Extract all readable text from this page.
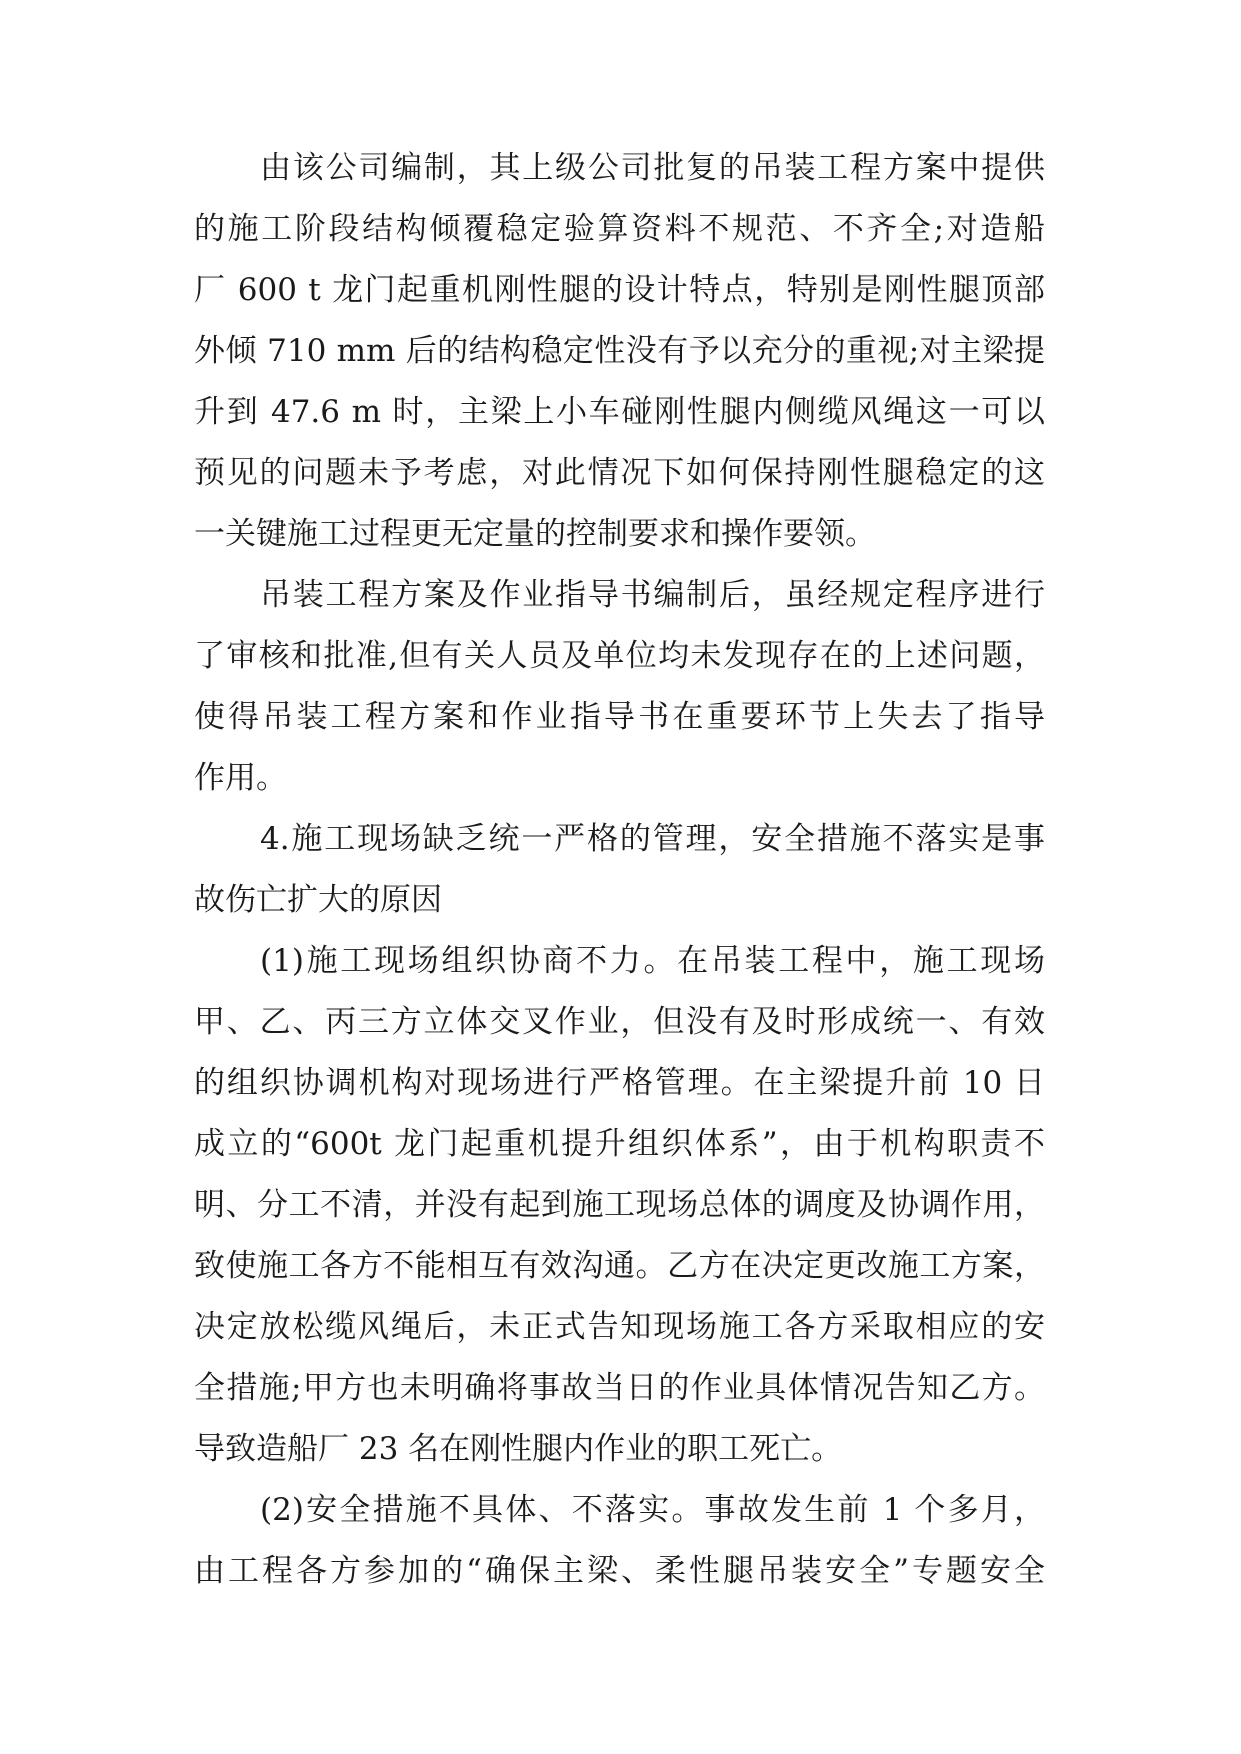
由该公司编制，其上级公司批复的吊装工程方案中提供
的施工阶段结构倾覆稳定验算资料不规范、不齐全;对造船
厂 600 t 龙门起重机刚性腿的设计特点，特别是刚性腿顶部
外倾 710 mm 后的结构稳定性没有予以充分的重视;对主梁提
升到 47.6 m 时，主梁上小车碰刚性腿内侧缆风绳这一可以
预见的问题未予考虑，对此情况下如何保持刚性腿稳定的这
一关键施工过程更无定量的控制要求和操作要领。
吊装工程方案及作业指导书编制后，虽经规定程序进行
了审核和批准,但有关人员及单位均未发现存在的上述问题，
使得吊装工程方案和作业指导书在重要环节上失去了指导
作用。
4.施工现场缺乏统一严格的管理，安全措施不落实是事
故伤亡扩大的原因
(1)施工现场组织协商不力。在吊装工程中，施工现场
甲、乙、丙三方立体交叉作业，但没有及时形成统一、有效
的组织协调机构对现场进行严格管理。在主梁提升前 10 日
成立的“600t 龙门起重机提升组织体系”，由于机构职责不
明、分工不清，并没有起到施工现场总体的调度及协调作用，
致使施工各方不能相互有效沟通。乙方在决定更改施工方案，
决定放松缆风绳后，未正式告知现场施工各方采取相应的安
全措施;甲方也未明确将事故当日的作业具体情况告知乙方。
导致造船厂 23 名在刚性腿内作业的职工死亡。
(2)安全措施不具体、不落实。事故发生前 1 个多月，
由工程各方参加的“确保主梁、柔性腿吊装安全”专题安全
